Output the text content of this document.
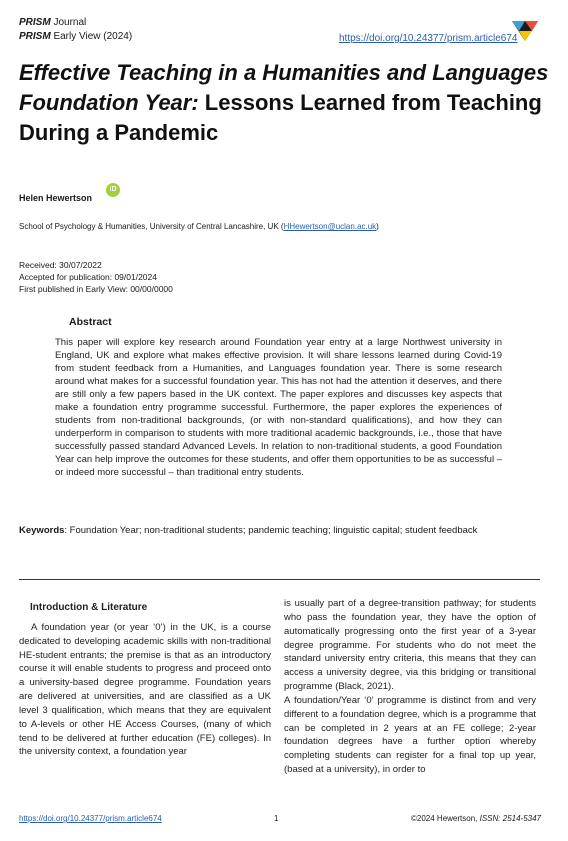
PRISM Journal
PRISM Early View (2024)	https://doi.org/10.24377/prism.article674
Effective Teaching in a Humanities and Languages Foundation Year: Lessons Learned from Teaching During a Pandemic
Helen Hewertson
iD
School of Psychology & Humanities, University of Central Lancashire, UK (HHewertson@uclan.ac.uk)
Received: 30/07/2022
Accepted for publication: 09/01/2024
First published in Early View: 00/00/0000
Abstract
This paper will explore key research around Foundation year entry at a large Northwest university in England, UK and explore what makes effective provision. It will share lessons learned during Covid-19 from student feedback from a Humanities, and Languages foundation year. There is some research around what makes for a successful foundation year. This has not had the attention it deserves, and there are still only a few papers based in the UK context. The paper explores and discusses key aspects that make a foundation entry programme successful. Furthermore, the paper explores the experiences of students from non-traditional backgrounds, (or with non-standard qualifications), and how they can underperform in comparison to students with more traditional academic backgrounds, i.e., those that have successfully passed standard Advanced Levels. In relation to non-traditional students, a good Foundation Year can help improve the outcomes for these students, and offer them opportunities to be as successful – or indeed more successful – than traditional entry students.
Keywords: Foundation Year; non-traditional students; pandemic teaching; linguistic capital; student feedback
Introduction & Literature

A foundation year (or year ‘0’) in the UK, is a course dedicated to developing academic skills with non-traditional HE-student entrants; the premise is that as an introductory course it will enable students to progress and proceed onto a university-based degree programme. Foundation years are delivered at universities, and are classified as a UK level 3 qualification, which means that they are equivalent to A-levels or other HE Access Courses, (many of which tend to be delivered at further education (FE) colleges). In the university context, a foundation year

is usually part of a degree-transition pathway; for students who pass the foundation year, they have the option of automatically progressing onto the first year of a 3-year degree programme. For students who do not meet the standard university entry criteria, this means that they can access a university degree, via this bridging or transitional programme (Black, 2021).

A foundation/Year ‘0’ programme is distinct from and very different to a foundation degree, which is a programme that can be completed in 2 years at an FE college; 2-year foundation degrees have a further option whereby completing students can register for a final top up year, (based at a university), in order to

https://doi.org/10.24377/prism.article674	1	©2024 Hewertson, ISSN: 2514-5347
